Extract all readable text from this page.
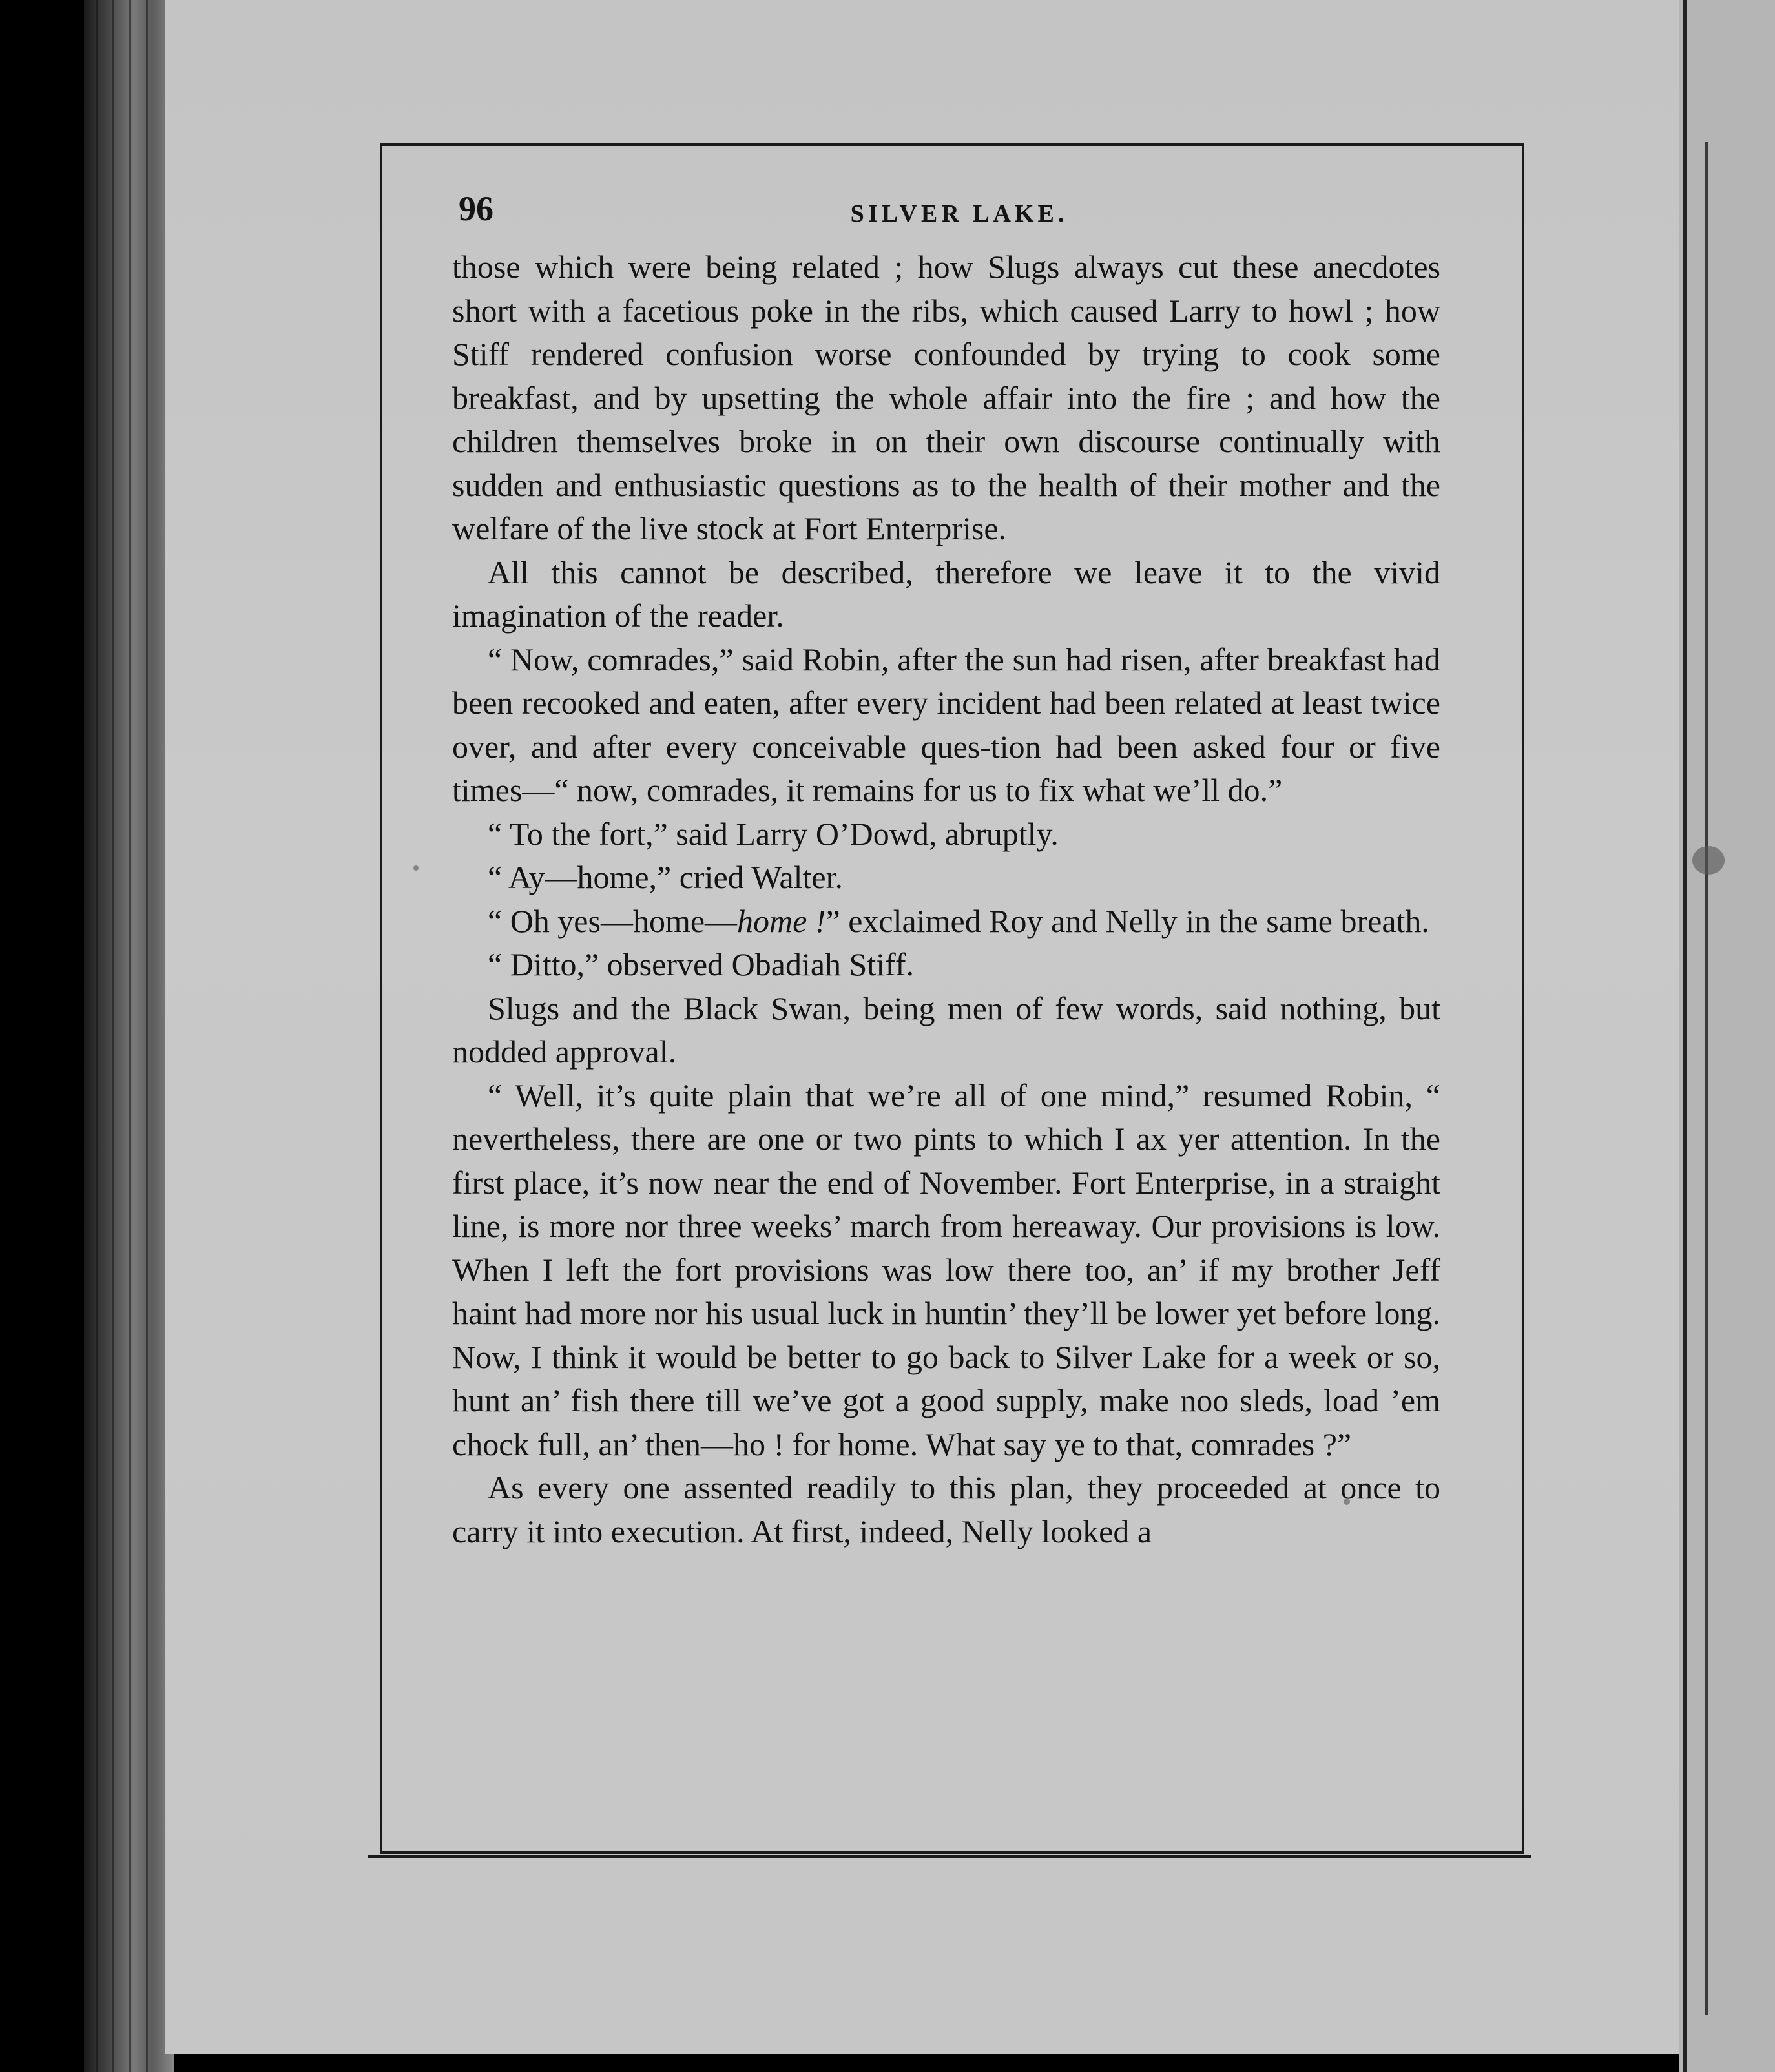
96	SILVER LAKE.

those which were being related ; how Slugs always cut these anecdotes short with a facetious poke in the ribs, which caused Larry to howl ; how Stiff rendered confusion worse confounded by trying to cook some breakfast, and by upsetting the whole affair into the fire ; and how the children themselves broke in on their own discourse continually with sudden and enthusiastic questions as to the health of their mother and the welfare of the live stock at Fort Enterprise.

All this cannot be described, therefore we leave it to the vivid imagination of the reader.

“ Now, comrades,” said Robin, after the sun had risen, after breakfast had been recooked and eaten, after every incident had been related at least twice over, and after every conceivable ques-tion had been asked four or five times—“ now, comrades, it remains for us to fix what we’ll do.”

“ To the fort,” said Larry O’Dowd, abruptly.

“ Ay—home,” cried Walter.

“ Oh yes—home—home !” exclaimed Roy and Nelly in the same breath.

“ Ditto,” observed Obadiah Stiff.

Slugs and the Black Swan, being men of few words, said nothing, but nodded approval.

“ Well, it’s quite plain that we’re all of one mind,” resumed Robin, “ nevertheless, there are one or two pints to which I ax yer attention. In the first place, it’s now near the end of November. Fort Enterprise, in a straight line, is more nor three weeks’ march from hereaway. Our provisions is low. When I left the fort provisions was low there too, an’ if my brother Jeff haint had more nor his usual luck in huntin’ they’ll be lower yet before long. Now, I think it would be better to go back to Silver Lake for a week or so, hunt an’ fish there till we’ve got a good supply, make noo sleds, load ’em chock full, an’ then—ho ! for home. What say ye to that, comrades ?”

As every one assented readily to this plan, they proceeded at once to carry it into execution. At first, indeed, Nelly looked a
